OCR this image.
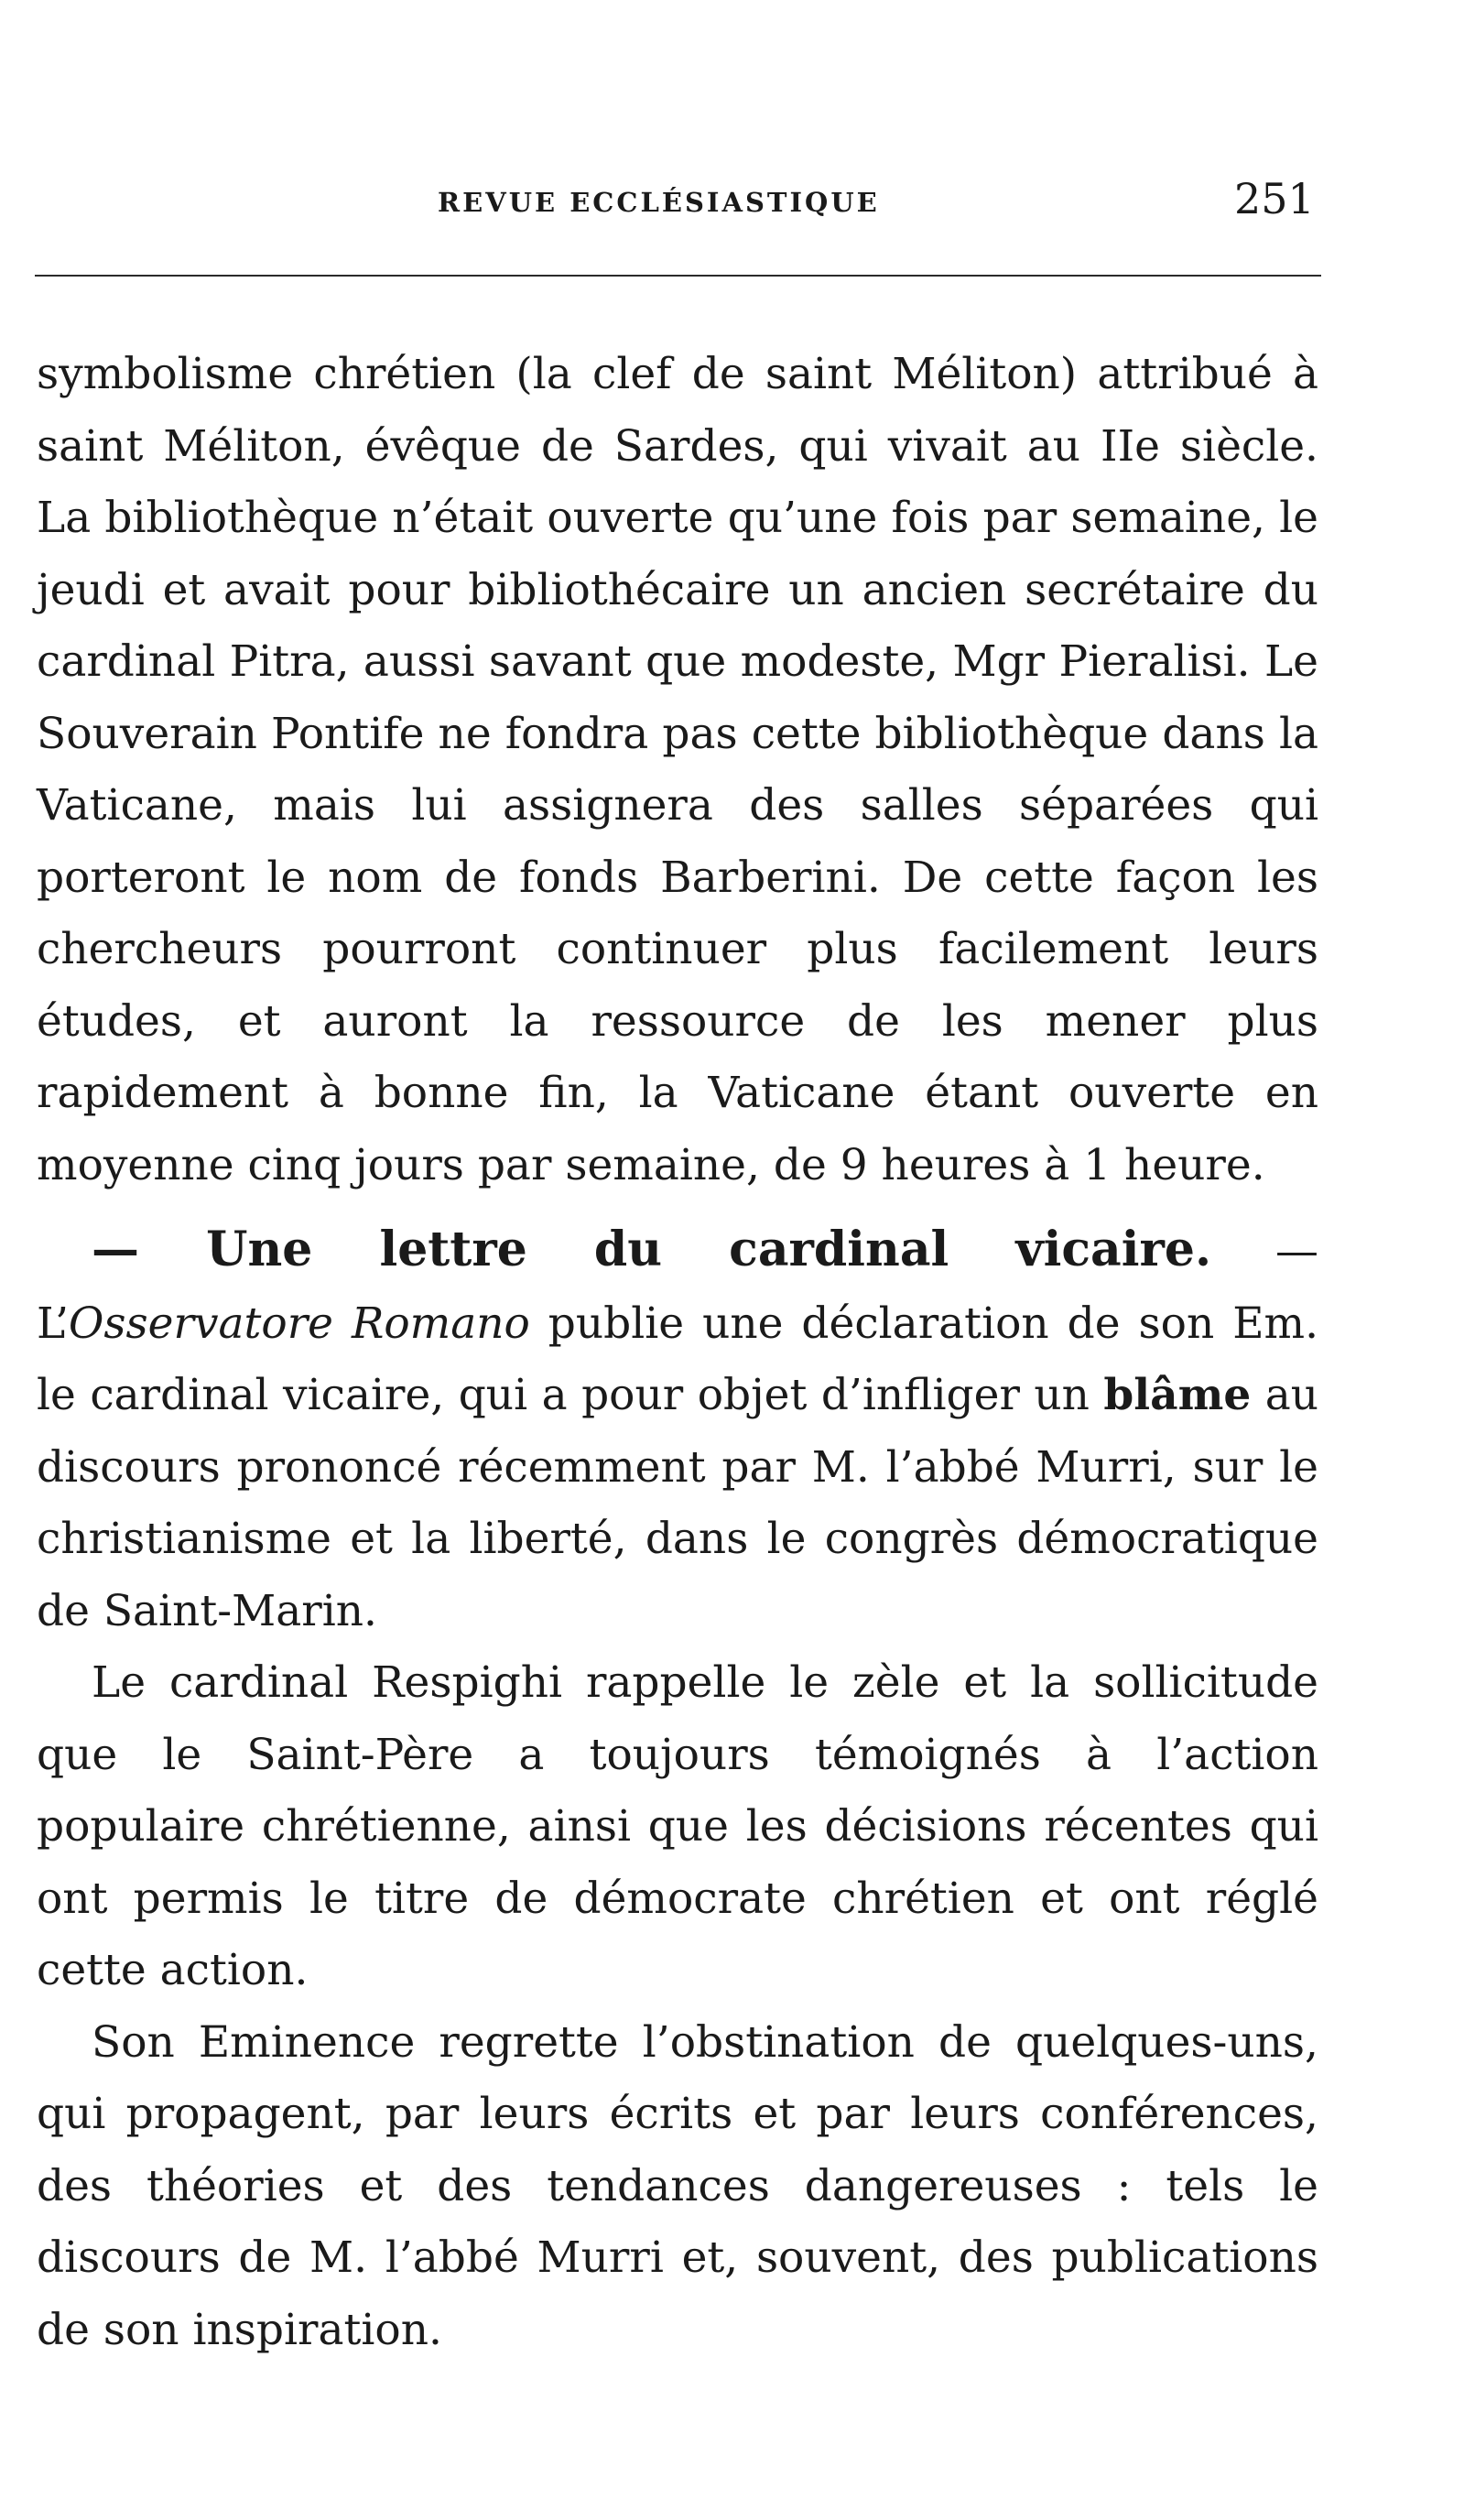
REVUE ECCLÉSIASTIQUE	251

symbolisme chrétien (la clef de saint Méliton) attribué à saint Méliton, évêque de Sardes, qui vivait au IIe siècle. La bibliothèque n’était ouverte qu’une fois par semaine, le jeudi et avait pour bibliothécaire un ancien secrétaire du cardinal Pitra, aussi savant que modeste, Mgr Pieralisi. Le Souverain Pontife ne fondra pas cette bibliothèque dans la Vaticane, mais lui assignera des salles séparées qui porteront le nom de fonds Barberini. De cette façon les chercheurs pourront continuer plus facilement leurs études, et auront la ressource de les mener plus rapidement à bonne fin, la Vaticane étant ouverte en moyenne cinq jours par semaine, de 9 heures à 1 heure.

— Une lettre du cardinal vicaire. — L’Osservatore Romano publie une déclaration de son Em. le cardinal vicaire, qui a pour objet d’infliger un blâme au discours prononcé récemment par M. l’abbé Murri, sur le christianisme et la liberté, dans le congrès démocratique de Saint-Marin.

Le cardinal Respighi rappelle le zèle et la sollicitude que le Saint-Père a toujours témoignés à l’action populaire chrétienne, ainsi que les décisions récentes qui ont permis le titre de démocrate chrétien et ont réglé cette action.

Son Eminence regrette l’obstination de quelques-uns, qui propagent, par leurs écrits et par leurs conférences, des théories et des tendances dangereuses : tels le discours de M. l’abbé Murri et, souvent, des publications de son inspiration.
